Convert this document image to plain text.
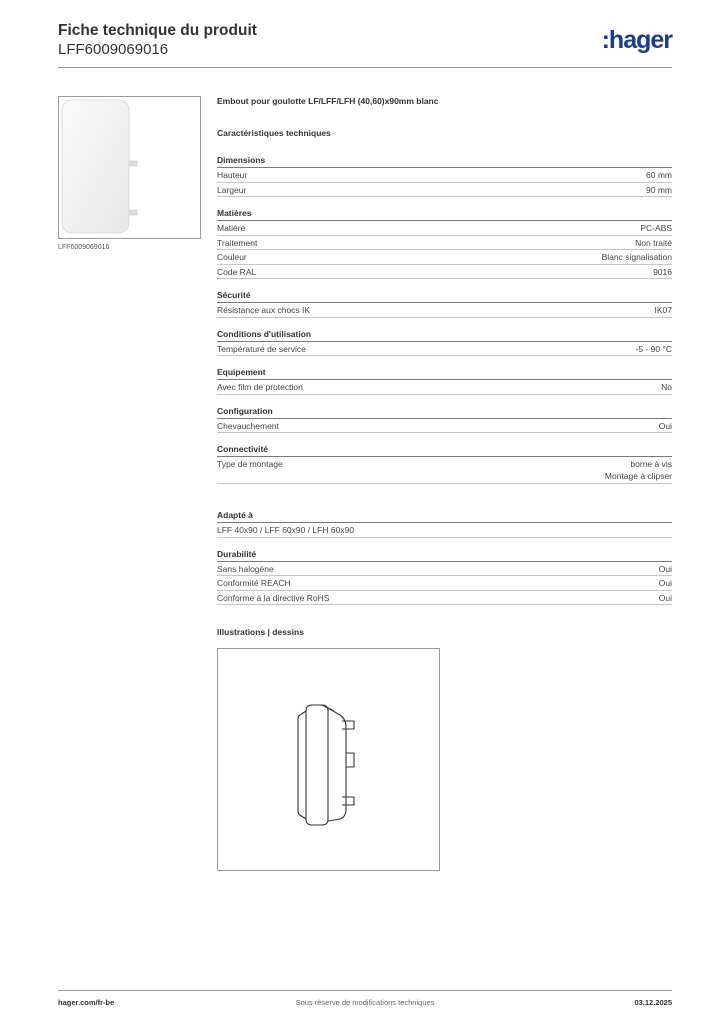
Fiche technique du produit
LFF6009069016	:hager
LFF6009069016
Embout pour goulotte LF/LFF/LFH (40,60)x90mm blanc
Caractéristiques techniques
Dimensions
Hauteur	60 mm
Largeur	90 mm
Matières
Matière	PC-ABS
Traitement	Non traité
Couleur	Blanc signalisation
Code RAL	9016
Sécurité
Résistance aux chocs IK	IK07
Conditions d'utilisation
Température de service	-5 - 90 °C
Equipement
Avec film de protection	No
Configuration
Chevauchement	Oui
Connectivité
Type de montage	borne à vis
Montage à clipser
Adapté à
LFF 40x90 / LFF 60x90 / LFH 60x90
Durabilité
Sans halogène	Oui
Conformité REACH	Oui
Conforme à la directive RoHS	Oui
Illustrations | dessins
hager.com/fr-be	Sous réserve de modifications techniques	03.12.2025
